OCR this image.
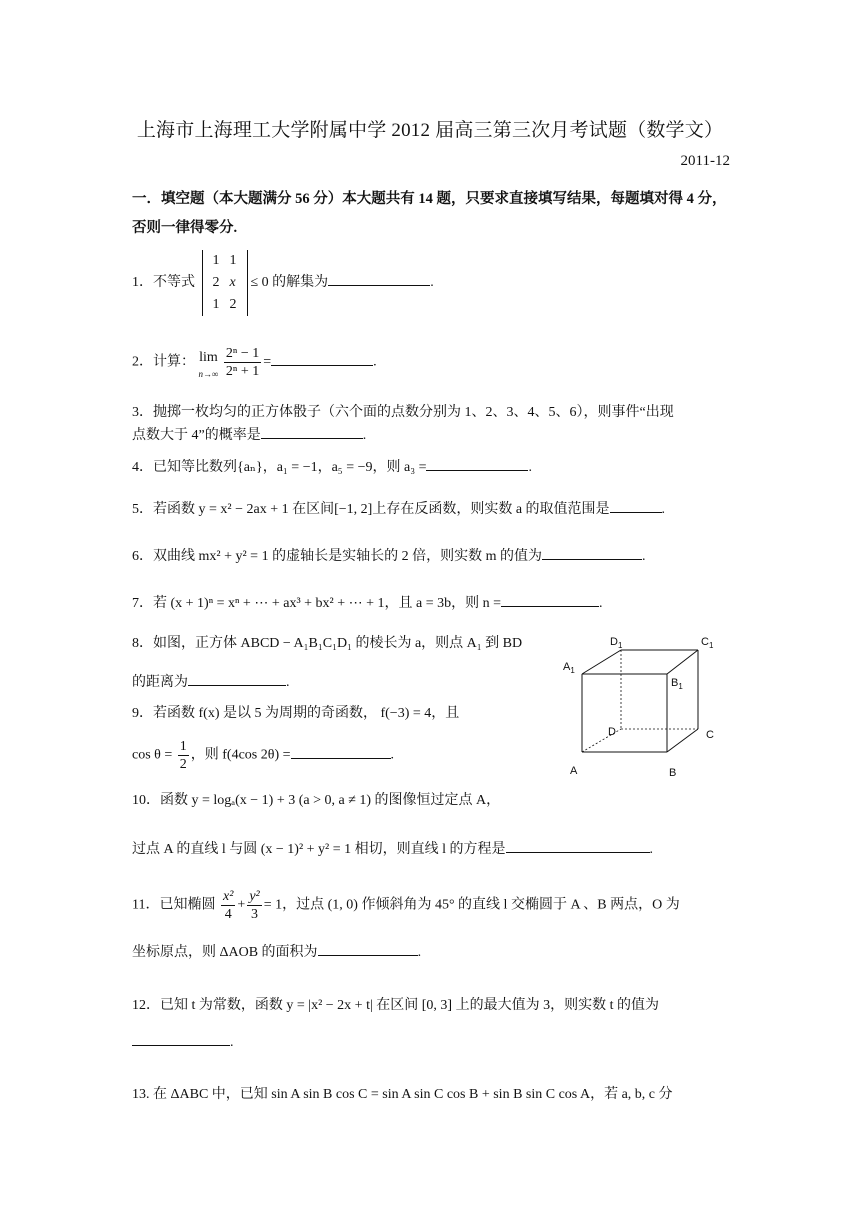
上海市上海理工大学附属中学 2012 届高三第三次月考试题（数学文）
2011-12
一．填空题（本大题满分 56 分）本大题共有 14 题，只要求直接填写结果，每题填对得 4 分，否则一律得零分.
1．不等式 1	1
2	x
1	2≤ 0 的解集为	.
2．计算： lim
n→∞
$\frac{\text{2ⁿ − 1}}{\text{2ⁿ + 1}}$ =	.
3．抛掷一枚均匀的正方体骰子（六个面的点数分别为 1、2、3、4、5、6），则事件“出现
点数大于 4”的概率是	.
4．已知等比数列{aₙ}，a₁ = −1，a₅ = −9，则 a₃ =	.
5．若函数 y = x² − 2ax + 1 在区间[−1, 2]上存在反函数，则实数 a 的取值范围是	.
6．双曲线 mx² + y² = 1 的虚轴长是实轴长的 2 倍，则实数 m 的值为	.
7．若 (x + 1)ⁿ = xⁿ + ⋯ + ax³ + bx² + ⋯ + 1，且 a = 3b，则 n =	.
8．如图，正方体 ABCD − A₁B₁C₁D₁ 的棱长为 a，则点 A₁ 到 BD
的距离为	.
9．若函数 f(x) 是以 5 为周期的奇函数， f(−3) = 4，且
$\cos \theta = \frac{1}{2}$ ，则 f(4cos 2θ) =	.
$D_1$	$C_1$
$A_1$
$B_1$
D	C
A	B
10．函数 y = logₐ(x − 1) + 3 (a > 0, a ≠ 1) 的图像恒过定点 A，
过点 A 的直线 l 与圆 (x − 1)² + y² = 1 相切，则直线 l 的方程是	.
11．已知椭圆 $\frac{\text{x²}}{4} + \frac{\text{y²}}{3} = 1$，过点 (1, 0) 作倾斜角为 45° 的直线 l 交椭圆于 A 、B 两点，O 为
坐标原点，则 ΔAOB 的面积为	.
12．已知 t 为常数，函数 y = |x² − 2x + t| 在区间 [0, 3] 上的最大值为 3，则实数 t 的值为
.
13. 在 ΔABC 中，已知 sin A sin B cos C = sin A sin C cos B + sin B sin C cos A，若 a, b, c 分
